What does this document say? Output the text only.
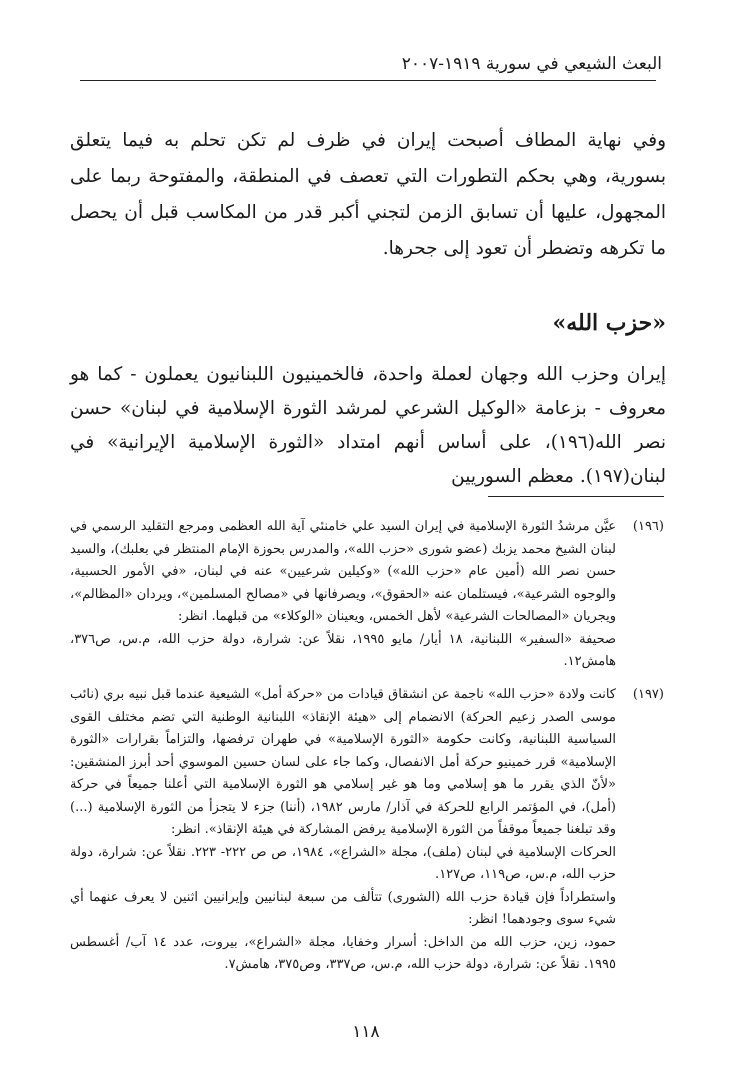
البعث الشيعي في سورية ١٩١٩-٢٠٠٧
وفي نهاية المطاف أصبحت إيران في ظرف لم تكن تحلم به فيما يتعلق بسورية، وهي بحكم التطورات التي تعصف في المنطقة، والمفتوحة ربما على المجهول، عليها أن تسابق الزمن لتجني أكبر قدر من المكاسب قبل أن يحصل ما تكرهه وتضطر أن تعود إلى جحرها.
«حزب الله»
إيران وحزب الله وجهان لعملة واحدة، فالخمينيون اللبنانيون يعملون - كما هو معروف - بزعامة «الوكيل الشرعي لمرشد الثورة الإسلامية في لبنان» حسن نصر الله(١٩٦)، على أساس أنهم امتداد «الثورة الإسلامية الإيرانية» في لبنان(١٩٧). معظم السوريين
(١٩٦)

عيَّن مرشدُ الثورة الإسلامية في إيران السيد علي خامنئي آية الله العظمى ومرجع التقليد الرسمي في لبنان الشيخ محمد يزبك (عضو شورى «حزب الله»، والمدرس بحوزة الإمام المنتظر في بعلبك)، والسيد حسن نصر الله (أمين عام «حزب الله») «وكيلين شرعيين» عنه في لبنان، «في الأمور الحسبية، والوجوه الشرعية»، فيستلمان عنه «الحقوق»، ويصرفانها في «مصالح المسلمين»، ويردان «المظالم»، ويجريان «المصالحات الشرعية» لأهل الخمس، ويعينان «الوكلاء» من قبلهما. انظر:

صحيفة «السفير» اللبنانية، ١٨ أيار/ مايو ١٩٩٥، نقلاً عن: شرارة، دولة حزب الله، م.س، ص٣٧٦، هامش١٢.

(١٩٧)

كانت ولادة «حزب الله» ناجمة عن انشقاق قيادات من «حركة أمل» الشيعية عندما قبل نبيه بري (نائب موسى الصدر زعيم الحركة) الانضمام إلى «هيئة الإنقاذ» اللبنانية الوطنية التي تضم مختلف القوى السياسية اللبنانية، وكانت حكومة «الثورة الإسلامية» في طهران ترفضها، والتزاماً بقرارات «الثورة الإسلامية» قرر خمينيو حركة أمل الانفصال، وكما جاء على لسان حسين الموسوي أحد أبرز المنشقين: «لأنّ الذي يقرر ما هو إسلامي وما هو غير إسلامي هو الثورة الإسلامية التي أعلنا جميعاً في حركة (أمل)، في المؤتمر الرابع للحركة في آذار/ مارس ١٩٨٢، (أننا) جزء لا يتجزأ من الثورة الإسلامية (...) وقد تبلغنا جميعاً موقفاً من الثورة الإسلامية يرفض المشاركة في هيئة الإنقاذ». انظر:

الحركات الإسلامية في لبنان (ملف)، مجلة «الشراع»، ١٩٨٤، ص ص ٢٢٢- ٢٢٣. نقلاً عن: شرارة، دولة حزب الله، م.س، ص١١٩، ص١٢٧.

واستطراداً فإن قيادة حزب الله (الشورى) تتألف من سبعة لبنانيين وإيرانيين اثنين لا يعرف عنهما أي شيء سوى وجودهما! انظر:

حمود، زين، حزب الله من الداخل: أسرار وخفايا، مجلة «الشراع»، بيروت، عدد ١٤ آب/ أغسطس ١٩٩٥. نقلاً عن: شرارة، دولة حزب الله، م.س، ص٣٣٧، وص٣٧٥، هامش٧.

١١٨
